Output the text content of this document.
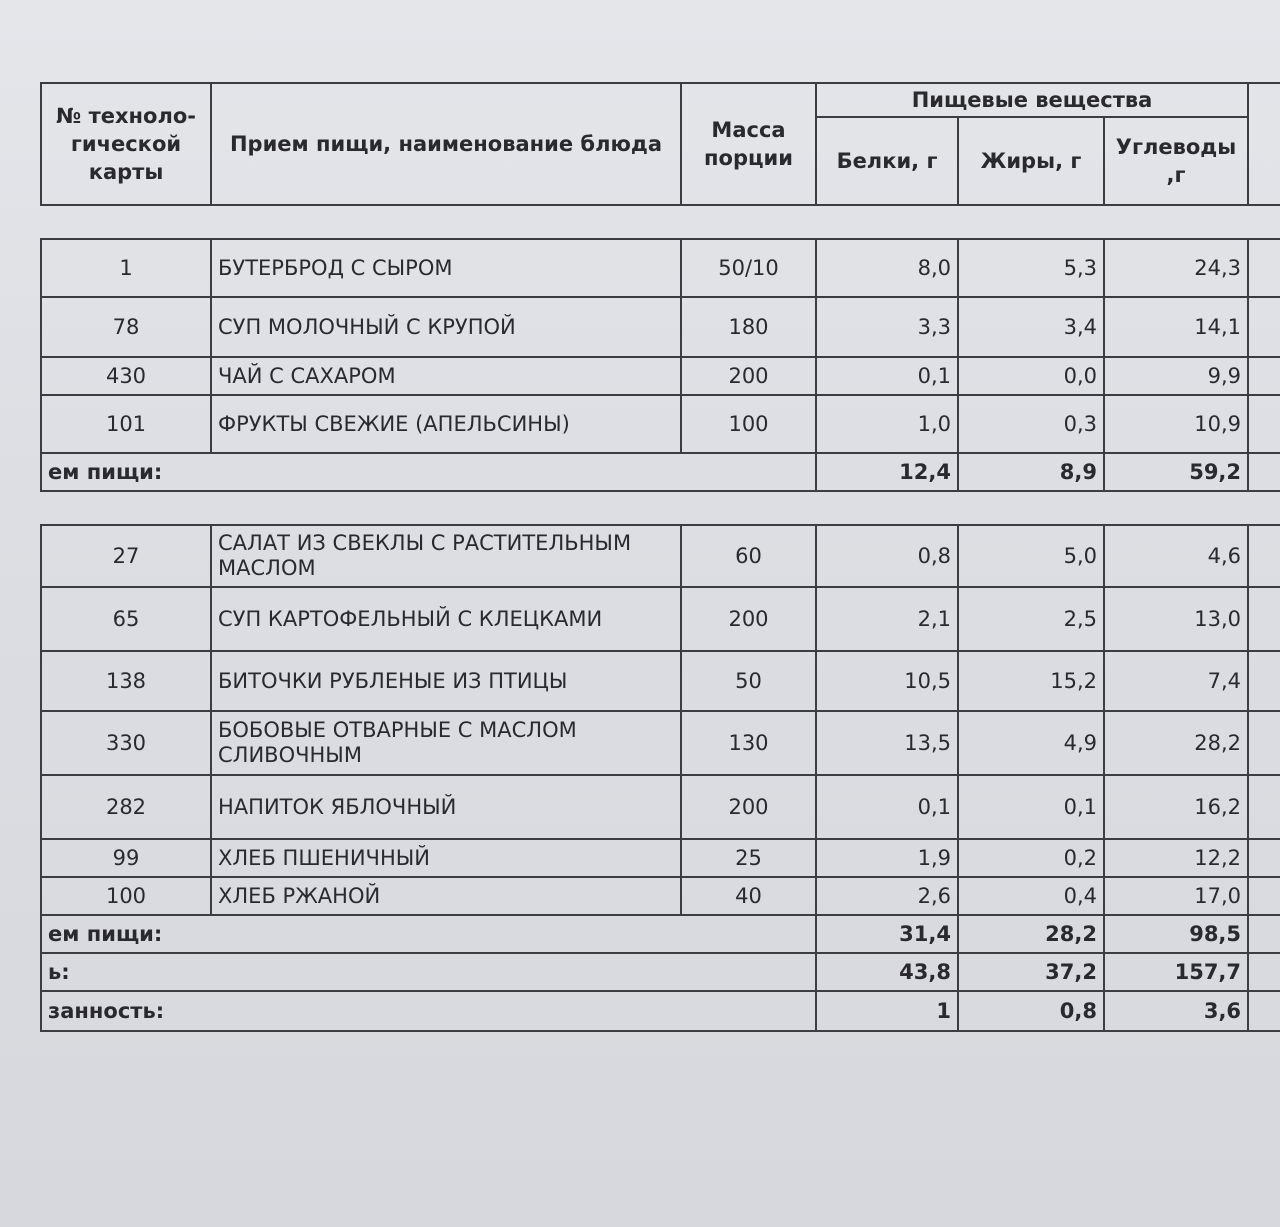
№ техноло- гической карты	Прием пищи, наименование блюда	Масса порции	Пищевые вещества			
			Белки, г	Жиры, г	Углеводы ,г	

1	БУТЕРБРОД С СЫРОМ	50/10	8,0	5,3	24,3	
78	СУП МОЛОЧНЫЙ С КРУПОЙ	180	3,3	3,4	14,1	
430	ЧАЙ С САХАРОМ	200	0,1	0,0	9,9	
101	ФРУКТЫ СВЕЖИЕ (АПЕЛЬСИНЫ)	100	1,0	0,3	10,9	
ем пищи:			12,4	8,9	59,2	

27	САЛАТ ИЗ СВЕКЛЫ С РАСТИТЕЛЬНЫМ МАСЛОМ	60	0,8	5,0	4,6	
65	СУП КАРТОФЕЛЬНЫЙ С КЛЕЦКАМИ	200	2,1	2,5	13,0	
138	БИТОЧКИ РУБЛЕНЫЕ ИЗ ПТИЦЫ	50	10,5	15,2	7,4	
330	БОБОВЫЕ ОТВАРНЫЕ С МАСЛОМ СЛИВОЧНЫМ	130	13,5	4,9	28,2	
282	НАПИТОК ЯБЛОЧНЫЙ	200	0,1	0,1	16,2	
99	ХЛЕБ ПШЕНИЧНЫЙ	25	1,9	0,2	12,2	
100	ХЛЕБ РЖАНОЙ	40	2,6	0,4	17,0	
ем пищи:			31,4	28,2	98,5	
ь:			43,8	37,2	157,7	
занность:			1	0,8	3,6	
